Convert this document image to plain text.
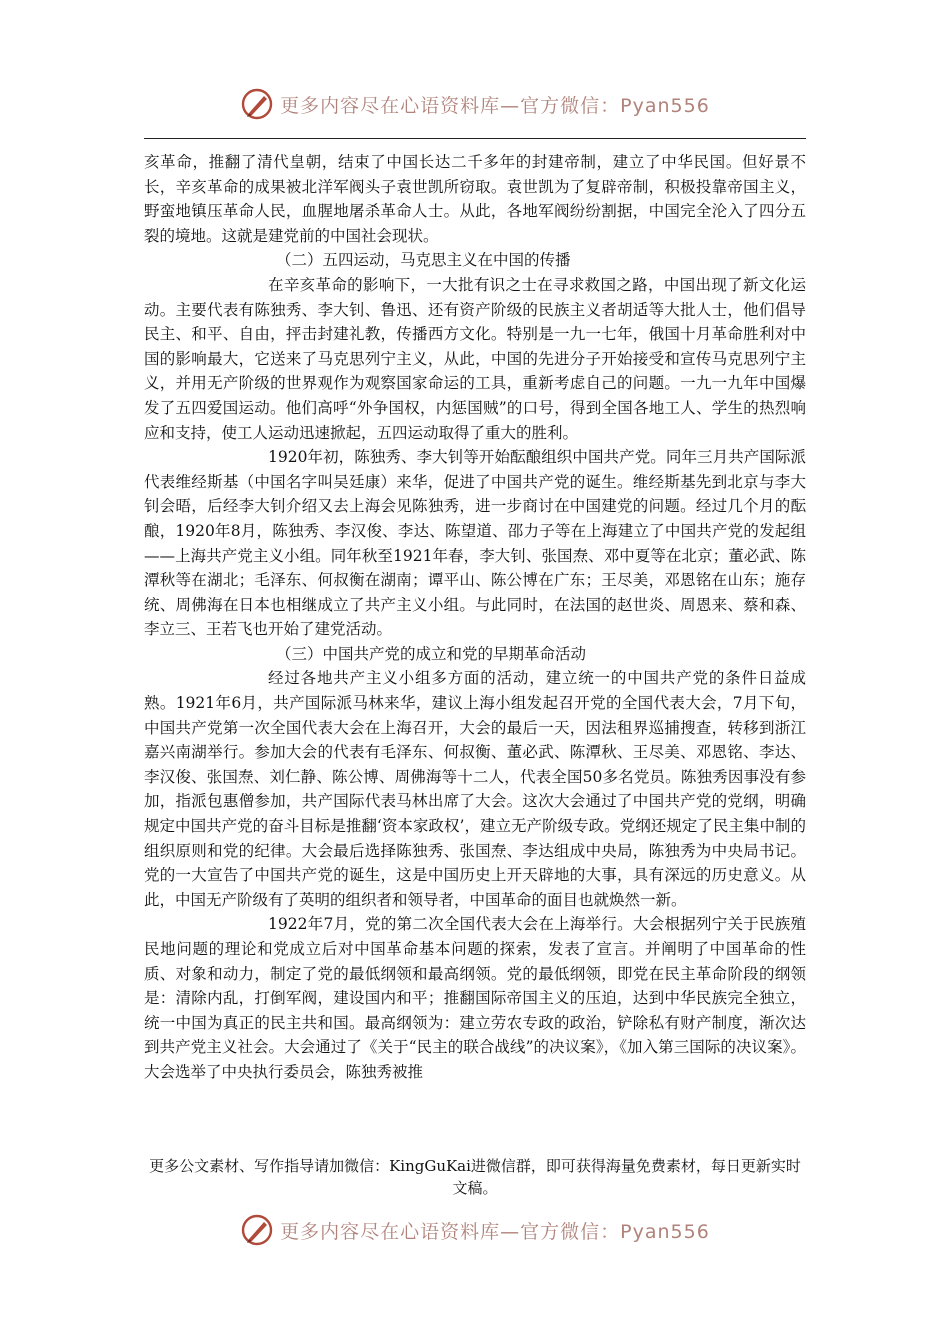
更多内容尽在心语资料库—官方微信：Pyan556

亥革命，推翻了清代皇朝，结束了中国长达二千多年的封建帝制，建立了中华民国。但好景不长，辛亥革命的成果被北洋军阀头子袁世凯所窃取。袁世凯为了复辟帝制，积极投靠帝国主义，野蛮地镇压革命人民，血腥地屠杀革命人士。从此，各地军阀纷纷割据，中国完全沦入了四分五裂的境地。这就是建党前的中国社会现状。

（二）五四运动，马克思主义在中国的传播

在辛亥革命的影响下，一大批有识之士在寻求救国之路，中国出现了新文化运动。主要代表有陈独秀、李大钊、鲁迅、还有资产阶级的民族主义者胡适等大批人士，他们倡导民主、和平、自由，抨击封建礼教，传播西方文化。特别是一九一七年，俄国十月革命胜利对中国的影响最大，它送来了马克思列宁主义，从此，中国的先进分子开始接受和宣传马克思列宁主义，并用无产阶级的世界观作为观察国家命运的工具，重新考虑自己的问题。一九一九年中国爆发了五四爱国运动。他们高呼“外争国权，内惩国贼”的口号，得到全国各地工人、学生的热烈响应和支持，使工人运动迅速掀起，五四运动取得了重大的胜利。

1920年初，陈独秀、李大钊等开始酝酿组织中国共产党。同年三月共产国际派代表维经斯基（中国名字叫吴廷康）来华，促进了中国共产党的诞生。维经斯基先到北京与李大钊会晤，后经李大钊介绍又去上海会见陈独秀，进一步商讨在中国建党的问题。经过几个月的酝酿，1920年8月，陈独秀、李汉俊、李达、陈望道、邵力子等在上海建立了中国共产党的发起组——上海共产党主义小组。同年秋至1921年春，李大钊、张国焘、邓中夏等在北京；董必武、陈潭秋等在湖北；毛泽东、何叔衡在湖南；谭平山、陈公博在广东；王尽美，邓恩铭在山东；施存统、周佛海在日本也相继成立了共产主义小组。与此同时，在法国的赵世炎、周恩来、蔡和森、李立三、王若飞也开始了建党活动。

（三）中国共产党的成立和党的早期革命活动

经过各地共产主义小组多方面的活动，建立统一的中国共产党的条件日益成熟。1921年6月，共产国际派马林来华，建议上海小组发起召开党的全国代表大会，7月下旬，中国共产党第一次全国代表大会在上海召开，大会的最后一天，因法租界巡捕搜查，转移到浙江嘉兴南湖举行。参加大会的代表有毛泽东、何叔衡、董必武、陈潭秋、王尽美、邓恩铭、李达、李汉俊、张国焘、刘仁静、陈公博、周佛海等十二人，代表全国50多名党员。陈独秀因事没有参加，指派包惠僧参加，共产国际代表马林出席了大会。这次大会通过了中国共产党的党纲，明确规定中国共产党的奋斗目标是推翻‘资本家政权’，建立无产阶级专政。党纲还规定了民主集中制的组织原则和党的纪律。大会最后选择陈独秀、张国焘、李达组成中央局，陈独秀为中央局书记。党的一大宣告了中国共产党的诞生，这是中国历史上开天辟地的大事，具有深远的历史意义。从此，中国无产阶级有了英明的组织者和领导者，中国革命的面目也就焕然一新。

1922年7月，党的第二次全国代表大会在上海举行。大会根据列宁关于民族殖民地问题的理论和党成立后对中国革命基本问题的探索，发表了宣言。并阐明了中国革命的性质、对象和动力，制定了党的最低纲领和最高纲领。党的最低纲领，即党在民主革命阶段的纲领是：清除内乱，打倒军阀，建设国内和平；推翻国际帝国主义的压迫，达到中华民族完全独立，统一中国为真正的民主共和国。最高纲领为：建立劳农专政的政治，铲除私有财产制度，渐次达到共产党主义社会。大会通过了《关于“民主的联合战线”的决议案》，《加入第三国际的决议案》。大会选举了中央执行委员会，陈独秀被推

更多公文素材、写作指导请加微信：KingGuKai进微信群，即可获得海量免费素材，每日更新实时文稿。
更多内容尽在心语资料库—官方微信：Pyan556
